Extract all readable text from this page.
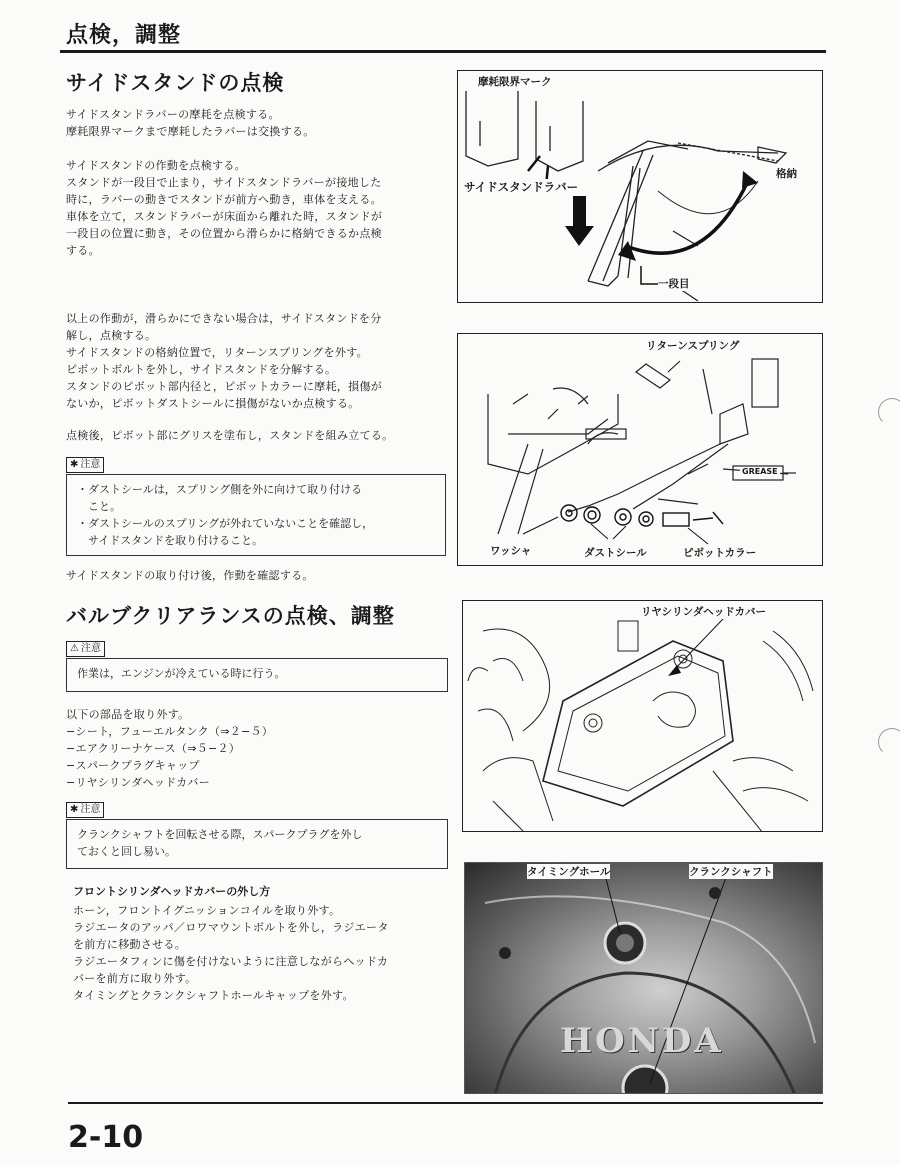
点検，調整
サイドスタンドの点検
サイドスタンドラバーの摩耗を点検する。
摩耗限界マークまで摩耗したラバーは交換する。
サイドスタンドの作動を点検する。
スタンドが一段目で止まり，サイドスタンドラバーが接地した
時に，ラバーの動きでスタンドが前方へ動き，車体を支える。
車体を立て，スタンドラバーが床面から離れた時，スタンドが
一段目の位置に動き，その位置から滑らかに格納できるか点検
する。
以上の作動が，滑らかにできない場合は，サイドスタンドを分
解し，点検する。
サイドスタンドの格納位置で，リターンスプリングを外す。
ピボットボルトを外し，サイドスタンドを分解する。
スタンドのピボット部内径と，ピボットカラーに摩耗，損傷が
ないか，ピボットダストシールに損傷がないか点検する。
点検後，ピボット部にグリスを塗布し，スタンドを組み立てる。
✱ 注意
・ダストシールは，スプリング側を外に向けて取り付ける
　こと。
・ダストシールのスプリングが外れていないことを確認し，
　サイドスタンドを取り付けること。
サイドスタンドの取り付け後，作動を確認する。
摩耗限界マーク
サイドスタンドラバー
格納
一段目
リターンスプリング
GREASE
ワッシャ	ダストシール	ピボットカラー
バルブクリアランスの点検、調整
⚠ 注意
作業は，エンジンが冷えている時に行う。
以下の部品を取り外す。
−シート，フューエルタンク（⇒２−５）
−エアクリーナケース（⇒５−２）
−スパークプラグキャップ
−リヤシリンダヘッドカバー
✱ 注意
クランクシャフトを回転させる際，スパークプラグを外し
ておくと回し易い。
フロントシリンダヘッドカバーの外し方
ホーン，フロントイグニッションコイルを取り外す。
ラジエータのアッパ／ロワマウントボルトを外し，ラジエータ
を前方に移動させる。
ラジエータフィンに傷を付けないように注意しながらヘッドカ
バーを前方に取り外す。
タイミングとクランクシャフトホールキャップを外す。
リヤシリンダヘッドカバー
タイミングホール	クランクシャフト
HONDA
2-10
